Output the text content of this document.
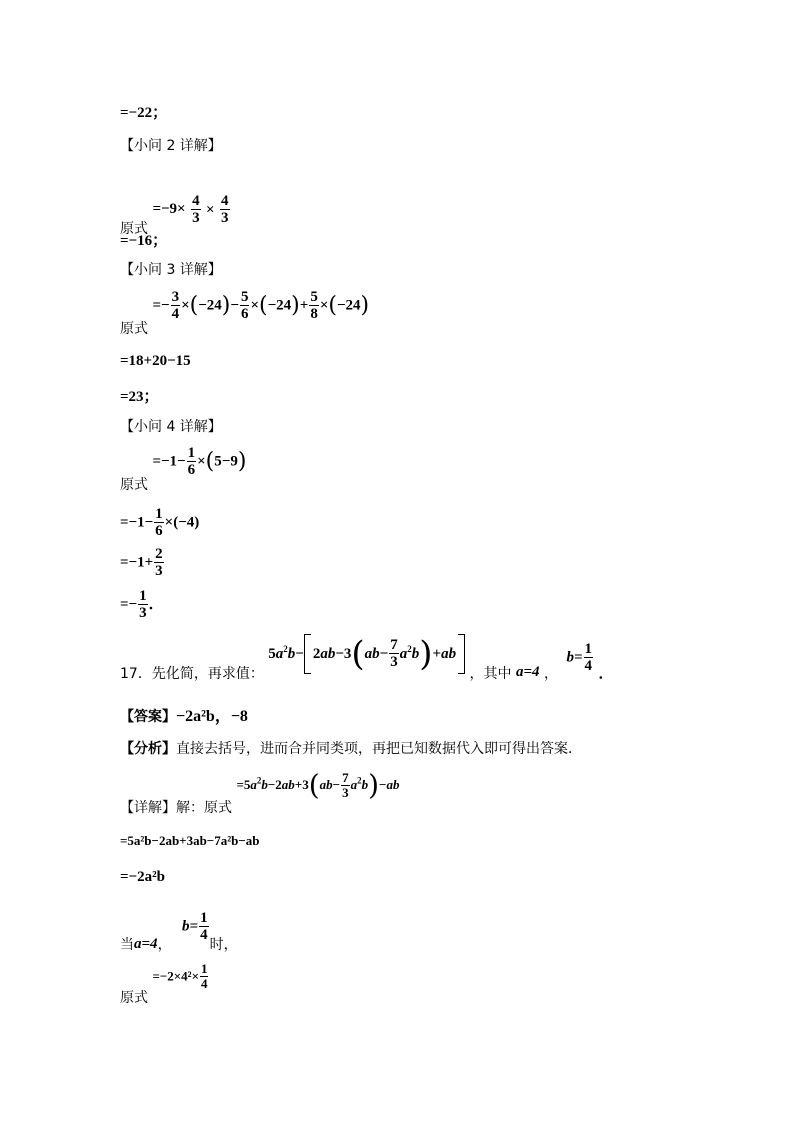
=−22；
【小问 2 详解】
原式 $=-9\times \frac{4}{3} \times \frac{4}{3}$
=−16；
【小问 3 详解】
原式 =− $\frac{3}{4} \times(-24)- \frac{5}{6} \times(-24)+ \frac{5}{8} \times(-24)$
=18+20−15
=23；
【小问 4 详解】
原式 $=-1- \frac{1}{6} \times(5-9)$
$=-1- \frac{1}{6} \times(-4)$
$=-1+ \frac{2}{3}$
=− $\frac{1}{3}$ ．
17．先化简，再求值： $5a^2b- 2ab-3(ab- \frac{7}{3} a^2b)+ab$ ，其中 a=4 ， $b= \frac{1}{4}$ ．
【答案】−2a²b，−8
【分析】直接去括号，进而合并同类项，再把已知数据代入即可得出答案．
【详解】解：原式 $=5a^2b-2ab+3(ab- \frac{7}{3} a^2b)-ab$
=5a²b−2ab+3ab−7a²b−ab
=−2a²b
当a=4， $b= \frac{1}{4}$
时，
原式 $=-2\times 4^2\times \frac{1}{4}$
